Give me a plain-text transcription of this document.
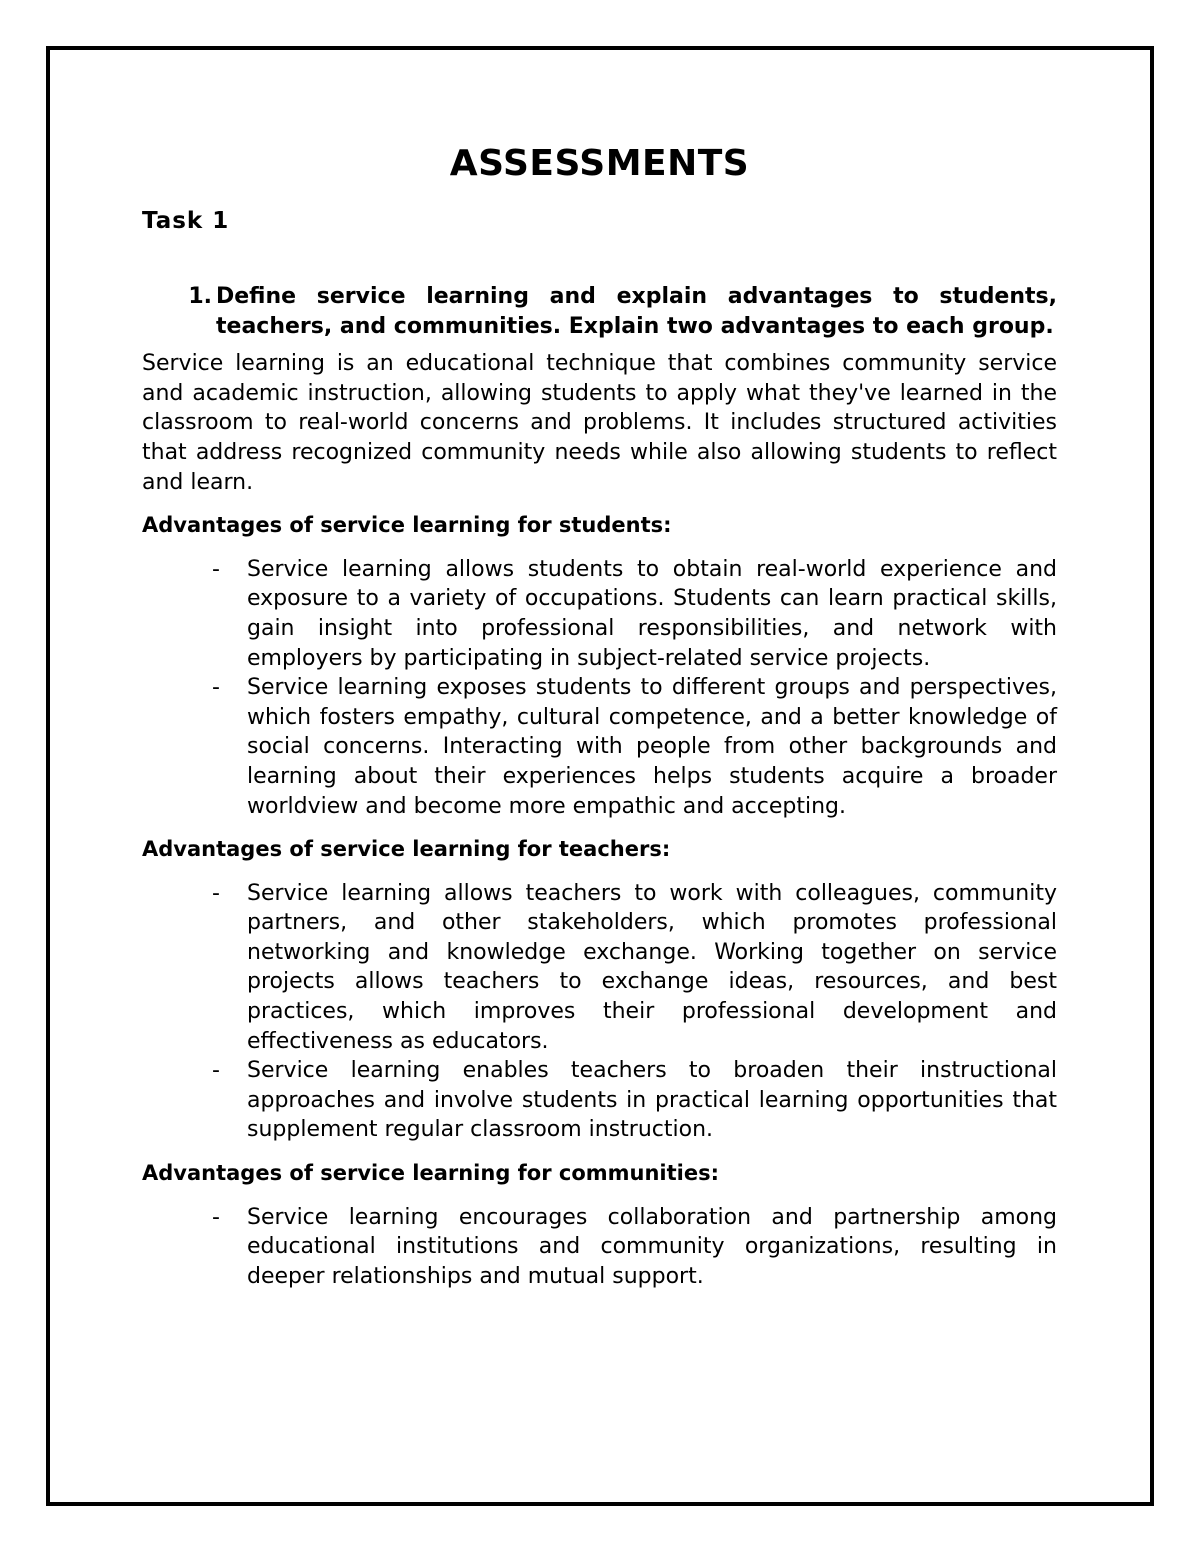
ASSESSMENTS
Task 1
1. Define service learning and explain advantages to students, teachers, and communities. Explain two advantages to each group.

Service learning is an educational technique that combines community service and academic instruction, allowing students to apply what they've learned in the classroom to real-world concerns and problems. It includes structured activities that address recognized community needs while also allowing students to reflect and learn.

Advantages of service learning for students:
-	Service learning allows students to obtain real-world experience and exposure to a variety of occupations. Students can learn practical skills, gain insight into professional responsibilities, and network with employers by participating in subject-related service projects.
-	Service learning exposes students to different groups and perspectives, which fosters empathy, cultural competence, and a better knowledge of social concerns. Interacting with people from other backgrounds and learning about their experiences helps students acquire a broader worldview and become more empathic and accepting.
Advantages of service learning for teachers:
-	Service learning allows teachers to work with colleagues, community partners, and other stakeholders, which promotes professional networking and knowledge exchange. Working together on service projects allows teachers to exchange ideas, resources, and best practices, which improves their professional development and effectiveness as educators.
-	Service learning enables teachers to broaden their instructional approaches and involve students in practical learning opportunities that supplement regular classroom instruction.
Advantages of service learning for communities:
-	Service learning encourages collaboration and partnership among educational institutions and community organizations, resulting in deeper relationships and mutual support.
